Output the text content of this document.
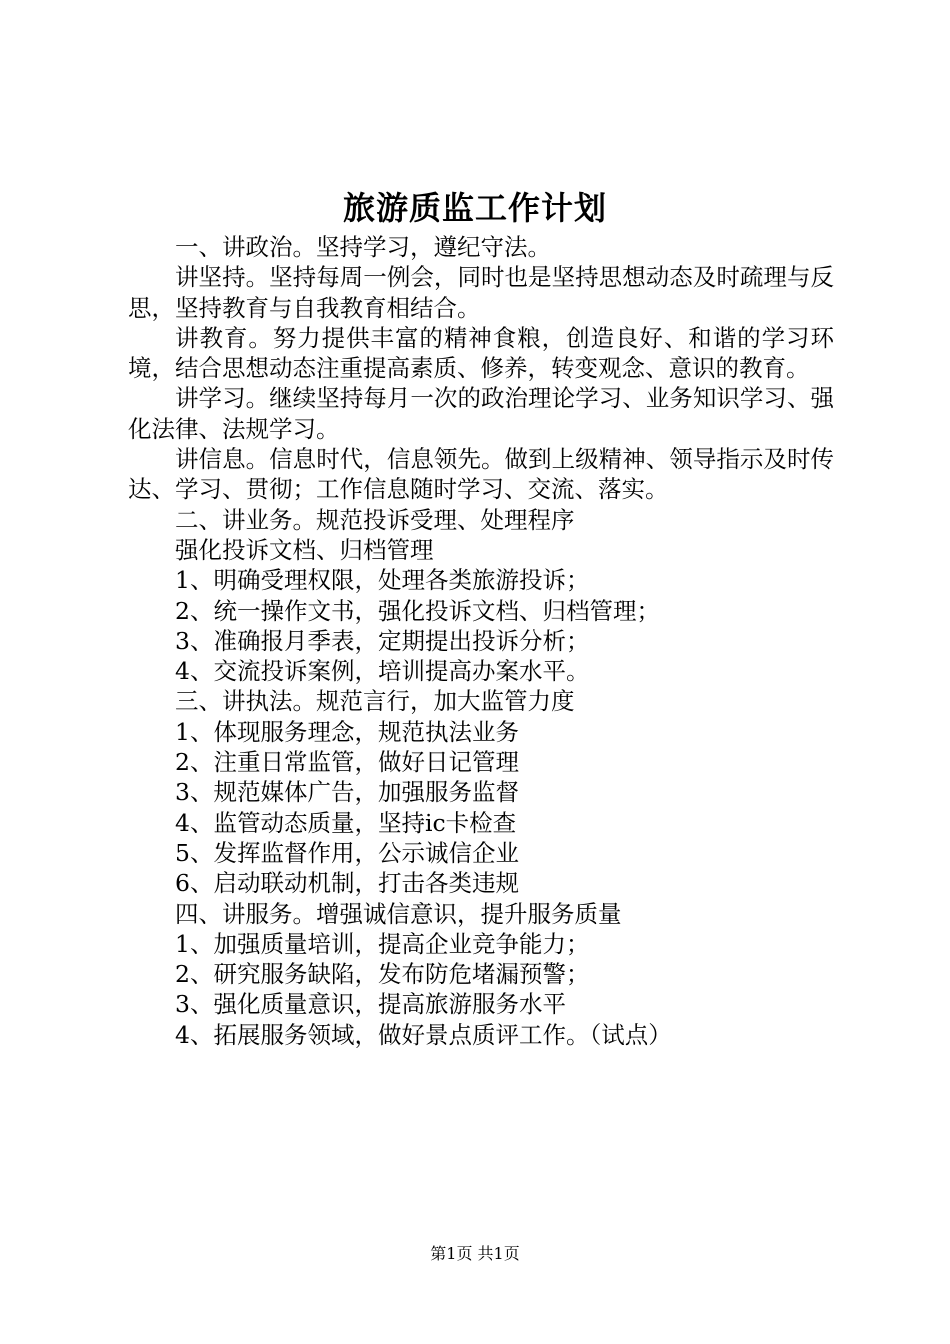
旅游质监工作计划

一、讲政治。坚持学习，遵纪守法。

讲坚持。坚持每周一例会，同时也是坚持思想动态及时疏理与反思，坚持教育与自我教育相结合。

讲教育。努力提供丰富的精神食粮，创造良好、和谐的学习环境，结合思想动态注重提高素质、修养，转变观念、意识的教育。

讲学习。继续坚持每月一次的政治理论学习、业务知识学习、强化法律、法规学习。

讲信息。信息时代，信息领先。做到上级精神、领导指示及时传达、学习、贯彻；工作信息随时学习、交流、落实。

二、讲业务。规范投诉受理、处理程序

强化投诉文档、归档管理

1、明确受理权限，处理各类旅游投诉；

2、统一操作文书，强化投诉文档、归档管理；

3、准确报月季表，定期提出投诉分析；

4、交流投诉案例，培训提高办案水平。

三、讲执法。规范言行，加大监管力度

1、体现服务理念，规范执法业务

2、注重日常监管，做好日记管理

3、规范媒体广告，加强服务监督

4、监管动态质量，坚持ic卡检查

5、发挥监督作用，公示诚信企业

6、启动联动机制，打击各类违规

四、讲服务。增强诚信意识，提升服务质量

1、加强质量培训，提高企业竞争能力；

2、研究服务缺陷，发布防危堵漏预警；

3、强化质量意识，提高旅游服务水平

4、拓展服务领域，做好景点质评工作。（试点）

第1页 共1页
